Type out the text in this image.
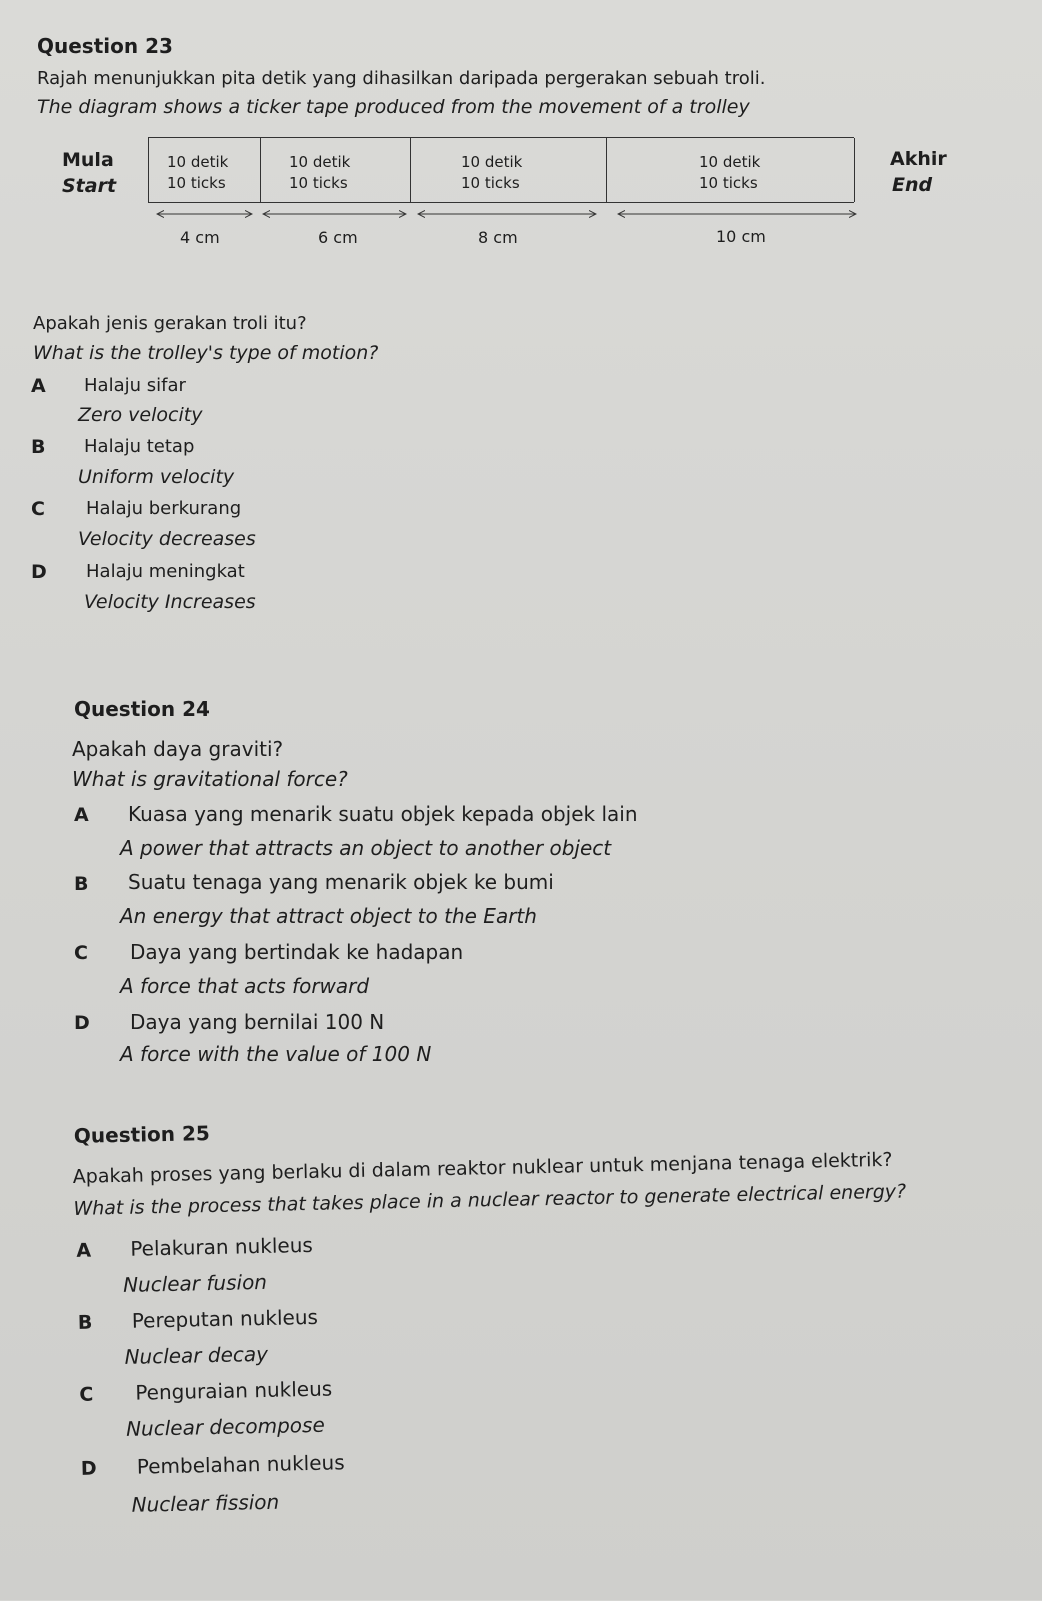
Question 23
Rajah menunjukkan pita detik yang dihasilkan daripada pergerakan sebuah troli.
The diagram shows a ticker tape produced from the movement of a trolley
Mula
Start
Akhir
End
10 detik
10 ticks
10 detik
10 ticks
10 detik
10 ticks
10 detik
10 ticks
4 cm	6 cm	8 cm	10 cm
Apakah jenis gerakan troli itu?
What is the trolley's type of motion?
A Halaju sifar
Zero velocity
B Halaju tetap
Uniform velocity
C Halaju berkurang
Velocity decreases
D Halaju meningkat
Velocity Increases
Question 24
Apakah daya graviti?
What is gravitational force?
A Kuasa yang menarik suatu objek kepada objek lain
A power that attracts an object to another object
B Suatu tenaga yang menarik objek ke bumi
An energy that attract object to the Earth
C Daya yang bertindak ke hadapan
A force that acts forward
D Daya yang bernilai 100 N
A force with the value of 100 N
Question 25
Apakah proses yang berlaku di dalam reaktor nuklear untuk menjana tenaga elektrik?
What is the process that takes place in a nuclear reactor to generate electrical energy?
A Pelakuran nukleus
Nuclear fusion
B Pereputan nukleus
Nuclear decay
C Penguraian nukleus
Nuclear decompose
D Pembelahan nukleus
Nuclear fission
